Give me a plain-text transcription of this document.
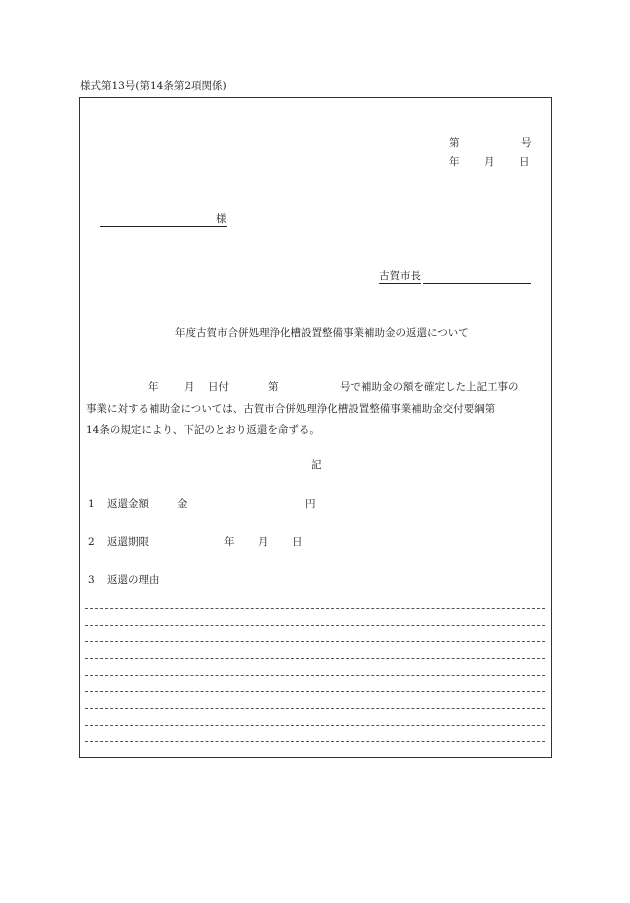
様式第13号(第14条第2項関係)
第	号
年 月 日
様
古賀市長
年度古賀市合併処理浄化槽設置整備事業補助金の返還について
年 月 日付	第	号で補助金の額を確定した上記工事の
事業に対する補助金については、古賀市合併処理浄化槽設置整備事業補助金交付要綱第
14条の規定により、下記のとおり返還を命ずる。
記
1 返還金額	金	円
2 返還期限	年 月 日
3 返還の理由
